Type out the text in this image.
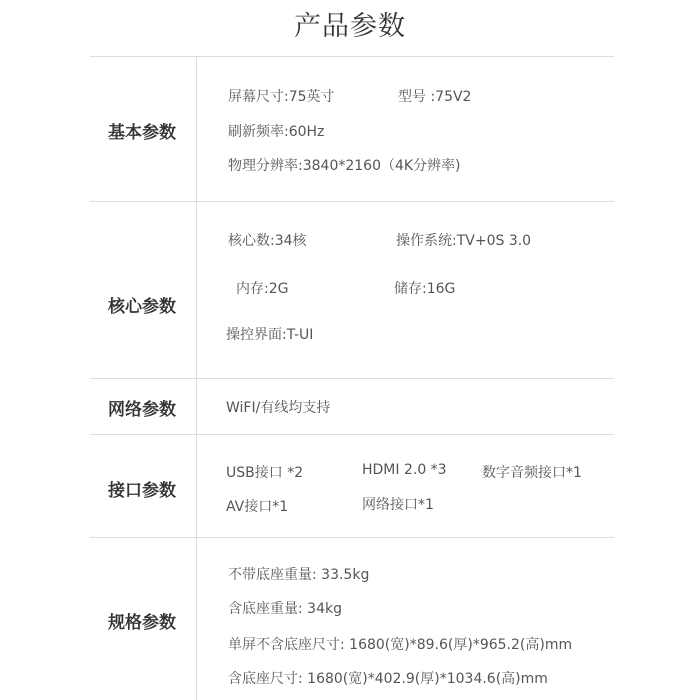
产品参数
基本参数
屏幕尺寸:75英寸	型号 :75V2
刷新频率:60Hz
物理分辨率:3840*2160（4K分辨率)
核心参数
核心数:34核	操作系统:TV+0S 3.0
内存:2G	储存:16G
操控界面:T-UI
网络参数	WiFI/有线均支持
接口参数
USB接口 *2	HDMI 2.0 *3	数字音频接口*1
AV接口*1	网络接口*1
规格参数
不带底座重量: 33.5kg
含底座重量: 34kg
单屏不含底座尺寸: 1680(宽)*89.6(厚)*965.2(高)mm
含底座尺寸: 1680(宽)*402.9(厚)*1034.6(高)mm
